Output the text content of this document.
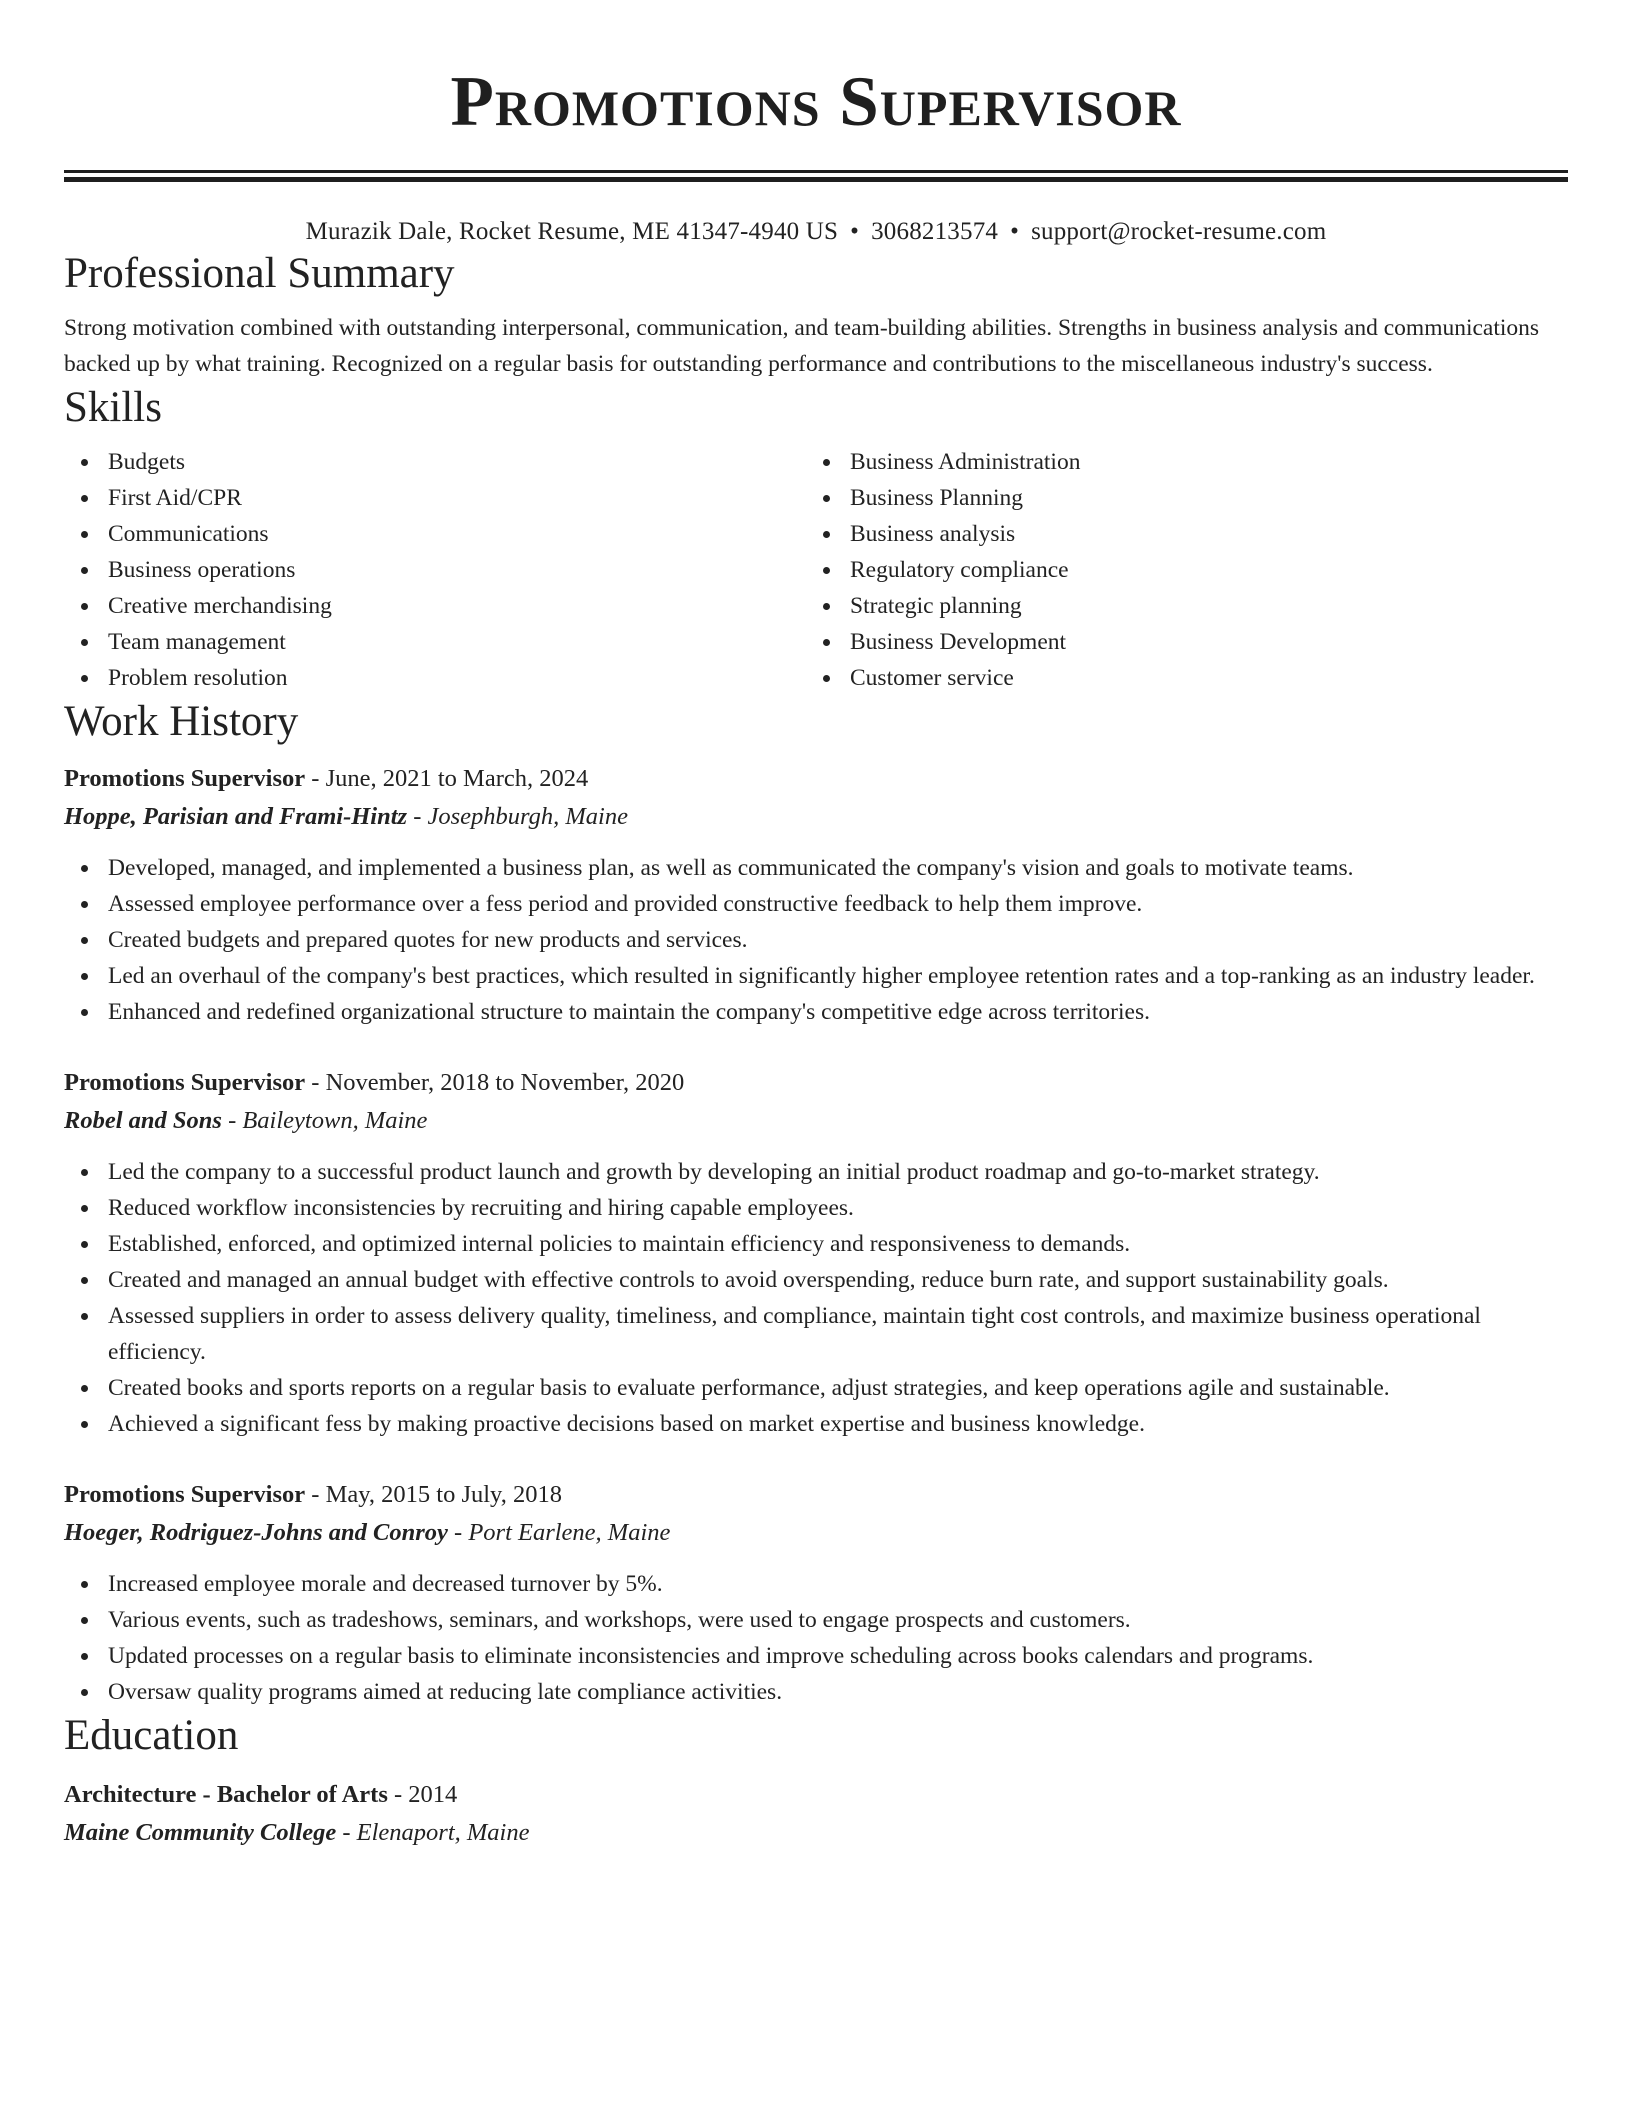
Promotions Supervisor
Murazik Dale, Rocket Resume, ME 41347-4940 US • 3068213574 • support@rocket-resume.com
Professional Summary
Strong motivation combined with outstanding interpersonal, communication, and team-building abilities. Strengths in business analysis and communications backed up by what training. Recognized on a regular basis for outstanding performance and contributions to the miscellaneous industry's success.
Skills
Budgets
First Aid/CPR
Communications
Business operations
Creative merchandising
Team management
Problem resolution
Business Administration
Business Planning
Business analysis
Regulatory compliance
Strategic planning
Business Development
Customer service
Work History
Promotions Supervisor - June, 2021 to March, 2024
Hoppe, Parisian and Frami-Hintz - Josephburgh, Maine
Developed, managed, and implemented a business plan, as well as communicated the company's vision and goals to motivate teams.
Assessed employee performance over a fess period and provided constructive feedback to help them improve.
Created budgets and prepared quotes for new products and services.
Led an overhaul of the company's best practices, which resulted in significantly higher employee retention rates and a top-ranking as an industry leader.
Enhanced and redefined organizational structure to maintain the company's competitive edge across territories.
Promotions Supervisor - November, 2018 to November, 2020
Robel and Sons - Baileytown, Maine
Led the company to a successful product launch and growth by developing an initial product roadmap and go-to-market strategy.
Reduced workflow inconsistencies by recruiting and hiring capable employees.
Established, enforced, and optimized internal policies to maintain efficiency and responsiveness to demands.
Created and managed an annual budget with effective controls to avoid overspending, reduce burn rate, and support sustainability goals.
Assessed suppliers in order to assess delivery quality, timeliness, and compliance, maintain tight cost controls, and maximize business operational efficiency.
Created books and sports reports on a regular basis to evaluate performance, adjust strategies, and keep operations agile and sustainable.
Achieved a significant fess by making proactive decisions based on market expertise and business knowledge.
Promotions Supervisor - May, 2015 to July, 2018
Hoeger, Rodriguez-Johns and Conroy - Port Earlene, Maine
Increased employee morale and decreased turnover by 5%.
Various events, such as tradeshows, seminars, and workshops, were used to engage prospects and customers.
Updated processes on a regular basis to eliminate inconsistencies and improve scheduling across books calendars and programs.
Oversaw quality programs aimed at reducing late compliance activities.
Education
Architecture - Bachelor of Arts - 2014
Maine Community College - Elenaport, Maine
